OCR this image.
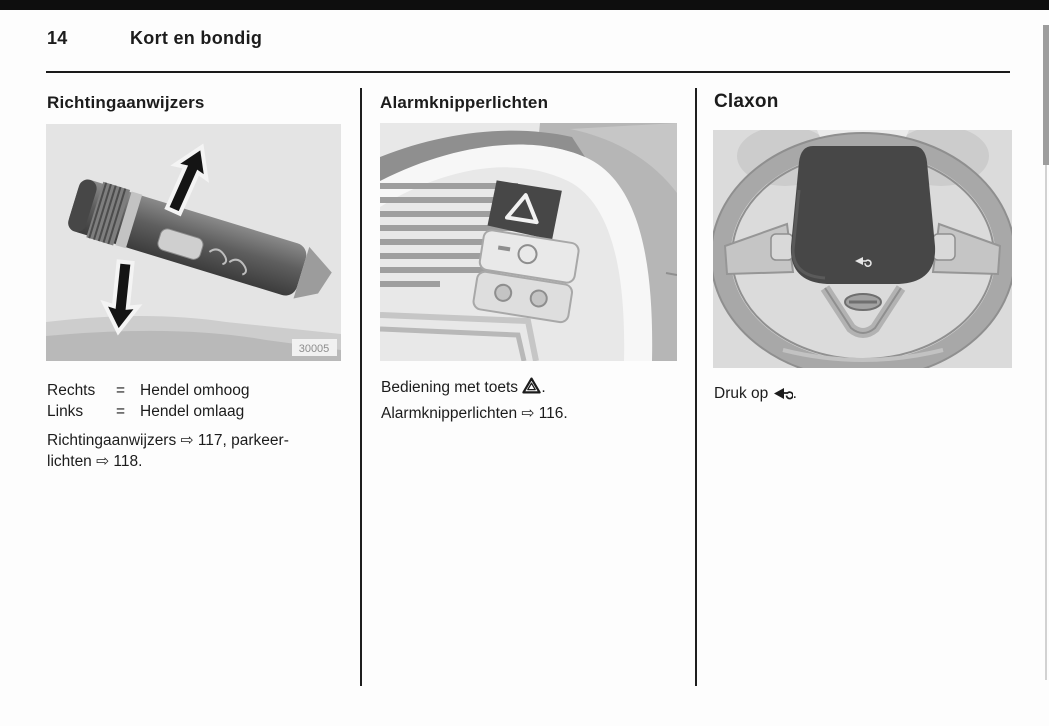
14	Kort en bondig
Richtingaanwijzers
30005
Rechts	= Hendel omhoog
Links	= Hendel omlaag
Richtingaanwijzers ⇨ 117, parkeer-
lichten ⇨ 118.
Alarmknipperlichten
Bediening met toets .
Alarmknipperlichten ⇨ 116.
Claxon
Druk op .
